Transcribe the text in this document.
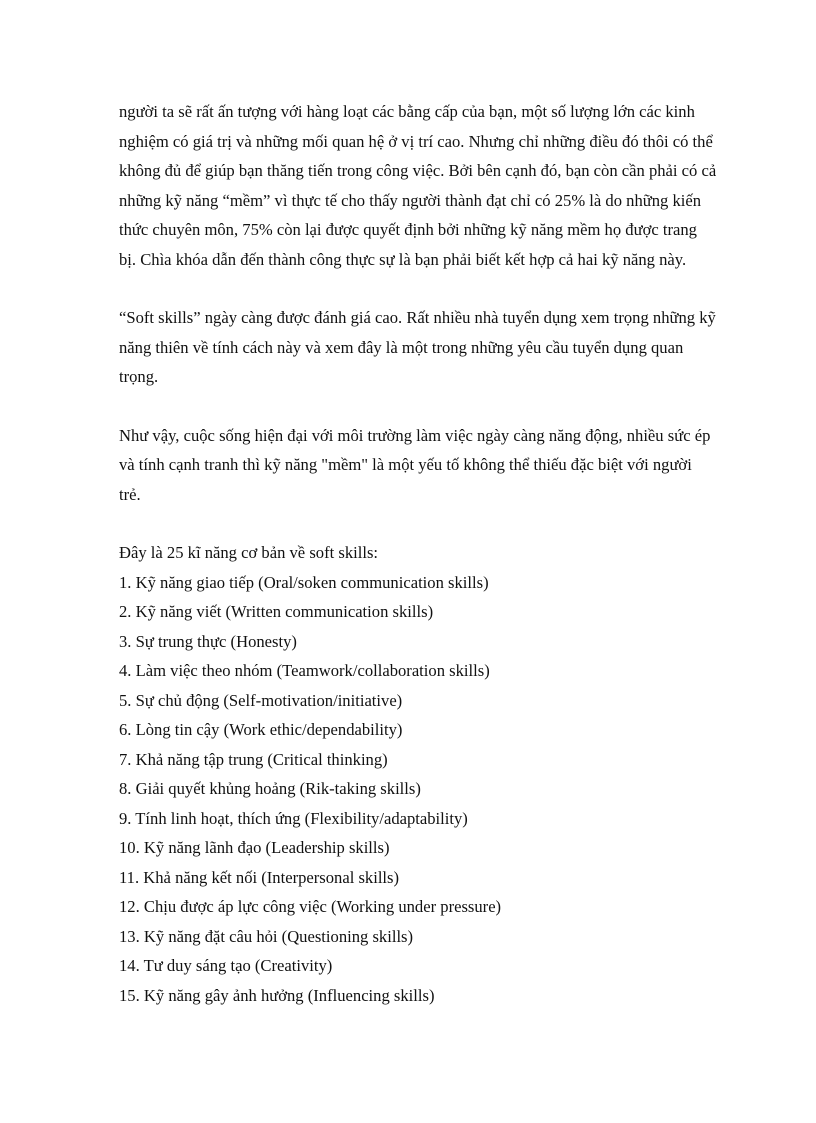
người ta sẽ rất ấn tượng với hàng loạt các bằng cấp của bạn, một số lượng lớn các kinh
nghiệm có giá trị và những mối quan hệ ở vị trí cao. Nhưng chỉ những điều đó thôi có thể
không đủ để giúp bạn thăng tiến trong công việc. Bởi bên cạnh đó, bạn còn cần phải có cả
những kỹ năng “mềm” vì thực tế cho thấy người thành đạt chỉ có 25% là do những kiến
thức chuyên môn, 75% còn lại được quyết định bởi những kỹ năng mềm họ được trang
bị. Chìa khóa dẫn đến thành công thực sự là bạn phải biết kết hợp cả hai kỹ năng này.

“Soft skills” ngày càng được đánh giá cao. Rất nhiều nhà tuyển dụng xem trọng những kỹ
năng thiên về tính cách này và xem đây là một trong những yêu cầu tuyển dụng quan
trọng.

Như vậy, cuộc sống hiện đại với môi trường làm việc ngày càng năng động, nhiều sức ép
và tính cạnh tranh thì kỹ năng "mềm" là một yếu tố không thể thiếu đặc biệt với người
trẻ.

Đây là 25 kĩ năng cơ bản về soft skills:
1. Kỹ năng giao tiếp (Oral/soken communication skills)
2. Kỹ năng viết (Written communication skills)
3. Sự trung thực (Honesty)
4. Làm việc theo nhóm (Teamwork/collaboration skills)
5. Sự chủ động (Self-motivation/initiative)
6. Lòng tin cậy (Work ethic/dependability)
7. Khả năng tập trung (Critical thinking)
8. Giải quyết khủng hoảng (Rik-taking skills)
9. Tính linh hoạt, thích ứng (Flexibility/adaptability)
10. Kỹ năng lãnh đạo (Leadership skills)
11. Khả năng kết nối (Interpersonal skills)
12. Chịu được áp lực công việc (Working under pressure)
13. Kỹ năng đặt câu hỏi (Questioning skills)
14. Tư duy sáng tạo (Creativity)
15. Kỹ năng gây ảnh hưởng (Influencing skills)
